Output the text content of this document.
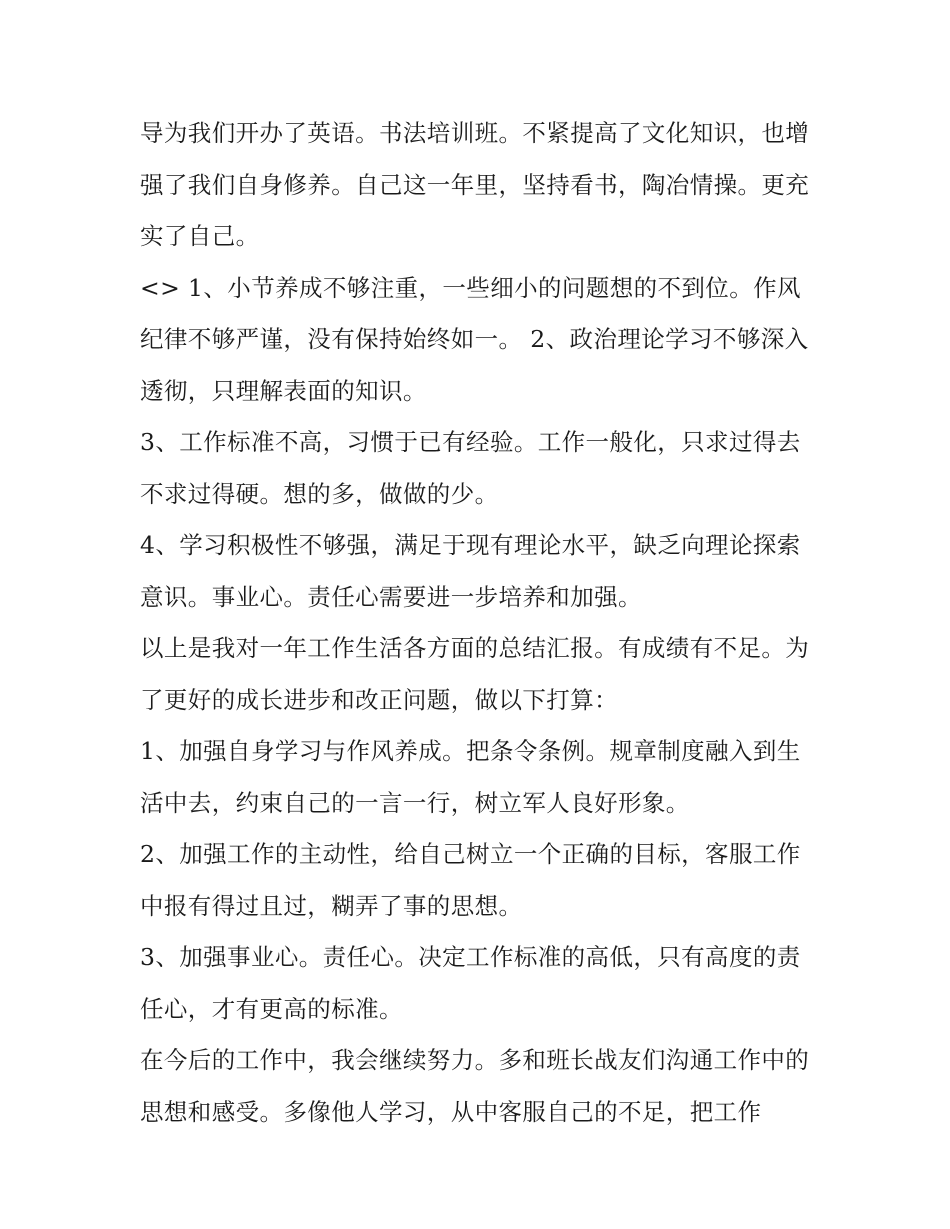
导为我们开办了英语。书法培训班。不紧提高了文化知识，也增强了我们自身修养。自己这一年里，坚持看书，陶冶情操。更充实了自己。

<> 1、小节养成不够注重，一些细小的问题想的不到位。作风纪律不够严谨，没有保持始终如一。 2、政治理论学习不够深入透彻，只理解表面的知识。

3、工作标准不高，习惯于已有经验。工作一般化，只求过得去不求过得硬。想的多，做做的少。

4、学习积极性不够强，满足于现有理论水平，缺乏向理论探索意识。事业心。责任心需要进一步培养和加强。

以上是我对一年工作生活各方面的总结汇报。有成绩有不足。为了更好的成长进步和改正问题，做以下打算：

1、加强自身学习与作风养成。把条令条例。规章制度融入到生活中去，约束自己的一言一行，树立军人良好形象。

2、加强工作的主动性，给自己树立一个正确的目标，客服工作中报有得过且过，糊弄了事的思想。

3、加强事业心。责任心。决定工作标准的高低，只有高度的责任心，才有更高的标准。

在今后的工作中，我会继续努力。多和班长战友们沟通工作中的思想和感受。多像他人学习，从中客服自己的不足，把工作
